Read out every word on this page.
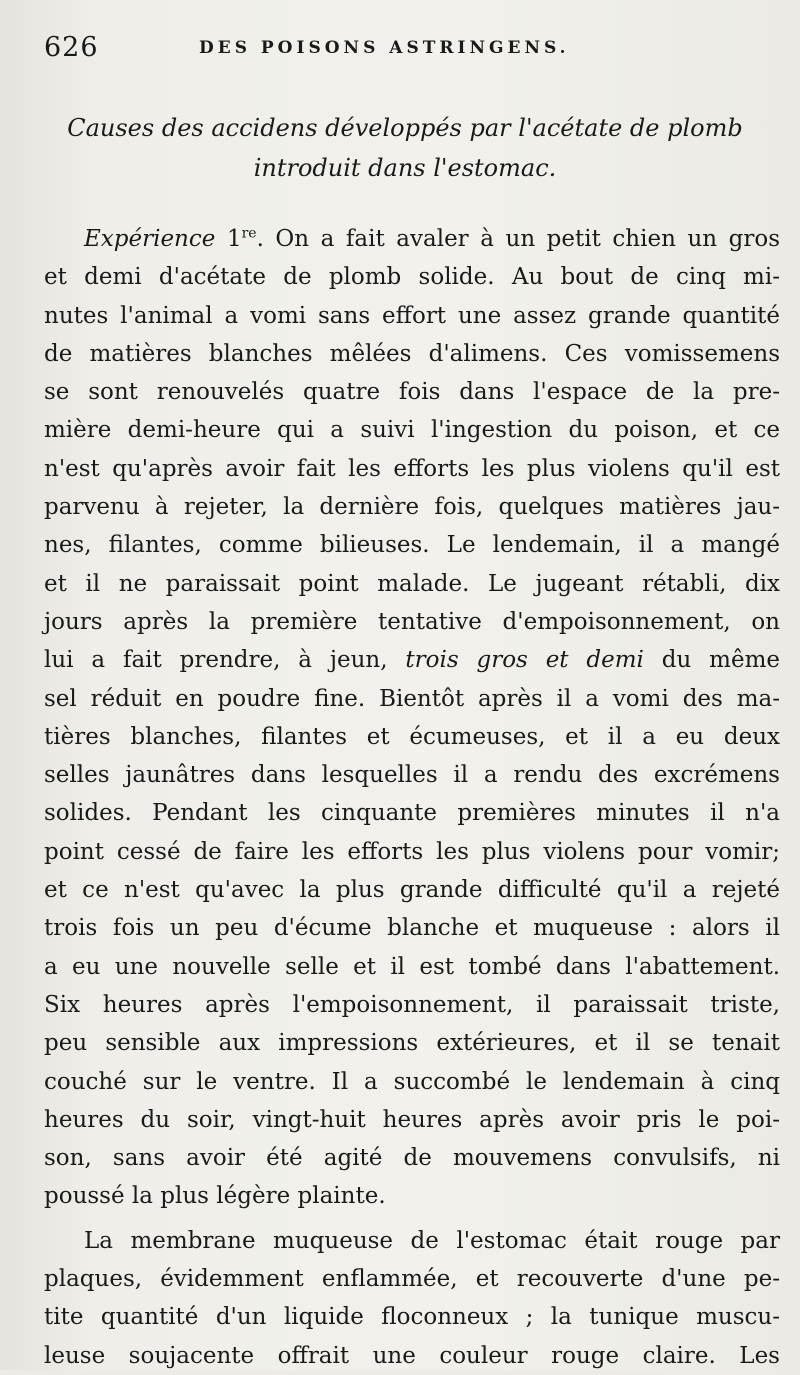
626	DES POISONS ASTRINGENS.
Causes des accidens développés par l'acétate de plomb
introduit dans l'estomac.
Expérience 1re. On a fait avaler à un petit chien un gros
et demi d'acétate de plomb solide. Au bout de cinq mi-
nutes l'animal a vomi sans effort une assez grande quantité
de matières blanches mêlées d'alimens. Ces vomissemens
se sont renouvelés quatre fois dans l'espace de la pre-
mière demi-heure qui a suivi l'ingestion du poison, et ce
n'est qu'après avoir fait les efforts les plus violens qu'il est
parvenu à rejeter, la dernière fois, quelques matières jau-
nes, filantes, comme bilieuses. Le lendemain, il a mangé
et il ne paraissait point malade. Le jugeant rétabli, dix
jours après la première tentative d'empoisonnement, on
lui a fait prendre, à jeun, trois gros et demi du même
sel réduit en poudre fine. Bientôt après il a vomi des ma-
tières blanches, filantes et écumeuses, et il a eu deux
selles jaunâtres dans lesquelles il a rendu des excrémens
solides. Pendant les cinquante premières minutes il n'a
point cessé de faire les efforts les plus violens pour vomir;
et ce n'est qu'avec la plus grande difficulté qu'il a rejeté
trois fois un peu d'écume blanche et muqueuse : alors il
a eu une nouvelle selle et il est tombé dans l'abattement.
Six heures après l'empoisonnement, il paraissait triste,
peu sensible aux impressions extérieures, et il se tenait
couché sur le ventre. Il a succombé le lendemain à cinq
heures du soir, vingt-huit heures après avoir pris le poi-
son, sans avoir été agité de mouvemens convulsifs, ni
poussé la plus légère plainte.
La membrane muqueuse de l'estomac était rouge par
plaques, évidemment enflammée, et recouverte d'une pe-
tite quantité d'un liquide floconneux ; la tunique muscu-
leuse soujacente offrait une couleur rouge claire. Les
